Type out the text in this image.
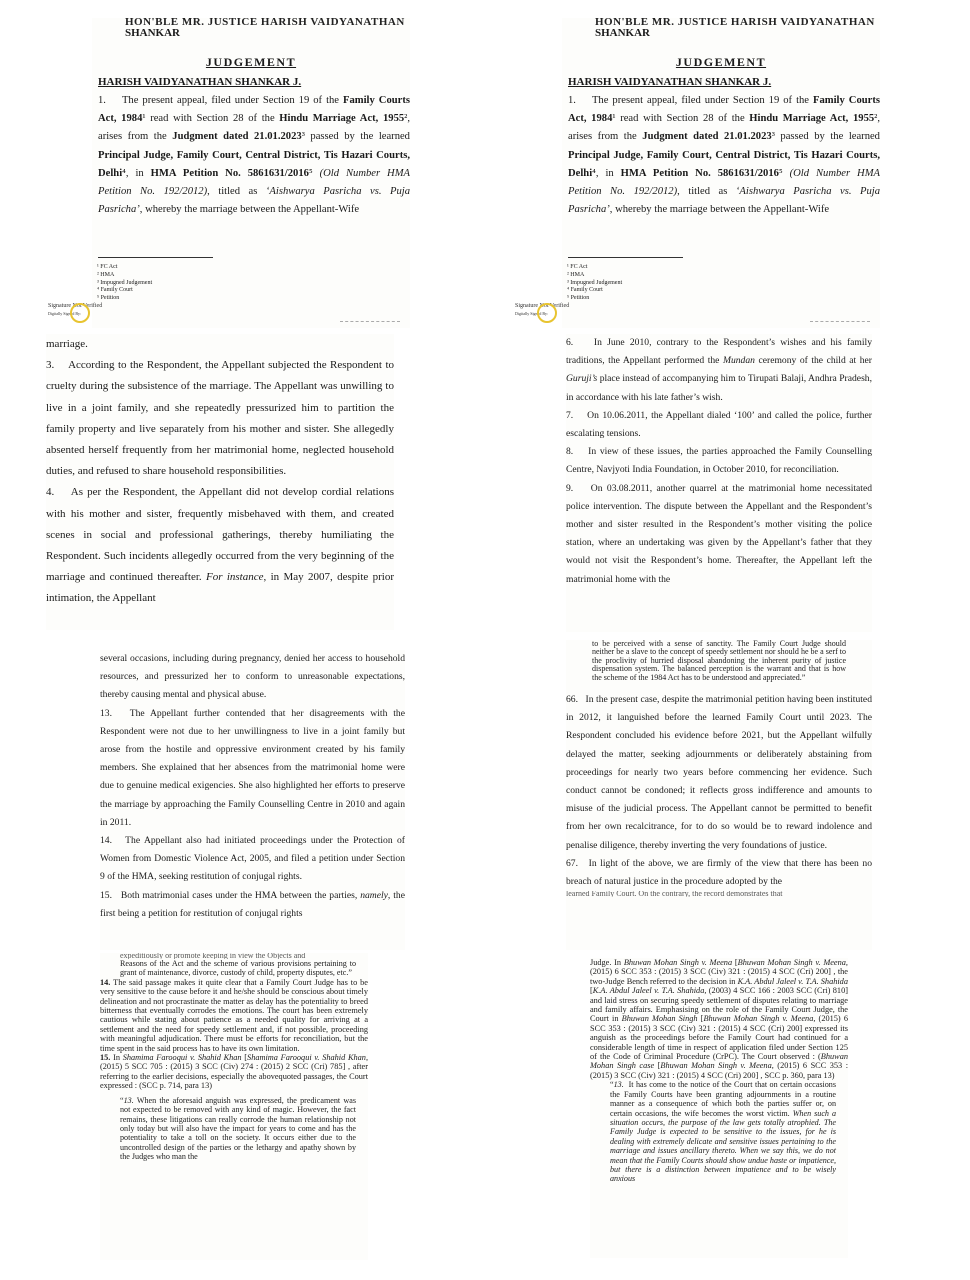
HON'BLE MR. JUSTICE HARISH VAIDYANATHAN
SHANKAR
JUDGEMENT
HARISH VAIDYANATHAN SHANKAR J.

1.    The present appeal, filed under Section 19 of the Family Courts Act, 1984¹ read with Section 28 of the Hindu Marriage Act, 1955², arises from the Judgment dated 21.01.2023³ passed by the learned Principal Judge, Family Court, Central District, Tis Hazari Courts, Delhi⁴, in HMA Petition No. 5861631/2016⁵ (Old Number HMA Petition No. 192/2012), titled as ‘Aishwarya Pasricha vs. Puja Pasricha’, whereby the marriage between the Appellant-Wife

¹ FC Act
² HMA
³ Impugned Judgement
⁴ Family Court
⁵ Petition
Signature Not Verified
Digitally Signed By:
HON'BLE MR. JUSTICE HARISH VAIDYANATHAN
SHANKAR
JUDGEMENT
HARISH VAIDYANATHAN SHANKAR J.

1.    The present appeal, filed under Section 19 of the Family Courts Act, 1984¹ read with Section 28 of the Hindu Marriage Act, 1955², arises from the Judgment dated 21.01.2023³ passed by the learned Principal Judge, Family Court, Central District, Tis Hazari Courts, Delhi⁴, in HMA Petition No. 5861631/2016⁵ (Old Number HMA Petition No. 192/2012), titled as ‘Aishwarya Pasricha vs. Puja Pasricha’, whereby the marriage between the Appellant-Wife

¹ FC Act
² HMA
³ Impugned Judgement
⁴ Family Court
⁵ Petition
Signature Not Verified
Digitally Signed By:

marriage.

3.    According to the Respondent, the Appellant subjected the Respondent to cruelty during the subsistence of the marriage. The Appellant was unwilling to live in a joint family, and she repeatedly pressurized him to partition the family property and live separately from his mother and sister. She allegedly absented herself frequently from her matrimonial home, neglected household duties, and refused to share household responsibilities.

4.    As per the Respondent, the Appellant did not develop cordial relations with his mother and sister, frequently misbehaved with them, and created scenes in social and professional gatherings, thereby humiliating the Respondent. Such incidents allegedly occurred from the very beginning of the marriage and continued thereafter. For instance, in May 2007, despite prior intimation, the Appellant

6.    In June 2010, contrary to the Respondent’s wishes and his family traditions, the Appellant performed the Mundan ceremony of the child at her Guruji’s place instead of accompanying him to Tirupati Balaji, Andhra Pradesh, in accordance with his late father’s wish.

7.    On 10.06.2011, the Appellant dialed ‘100’ and called the police, further escalating tensions.

8.    In view of these issues, the parties approached the Family Counselling Centre, Navjyoti India Foundation, in October 2010, for reconciliation.

9.    On 03.08.2011, another quarrel at the matrimonial home necessitated police intervention. The dispute between the Appellant and the Respondent’s mother and sister resulted in the Respondent’s mother visiting the police station, where an undertaking was given by the Appellant’s father that they would not visit the Respondent’s home. Thereafter, the Appellant left the matrimonial home with the

several occasions, including during pregnancy, denied her access to household resources, and pressurized her to conform to unreasonable expectations, thereby causing mental and physical abuse.

13.   The Appellant further contended that her disagreements with the Respondent were not due to her unwillingness to live in a joint family but arose from the hostile and oppressive environment created by his family members. She explained that her absences from the matrimonial home were due to genuine medical exigencies. She also highlighted her efforts to preserve the marriage by approaching the Family Counselling Centre in 2010 and again in 2011.

14.   The Appellant also had initiated proceedings under the Protection of Women from Domestic Violence Act, 2005, and filed a petition under Section 9 of the HMA, seeking restitution of conjugal rights.

15.   Both matrimonial cases under the HMA between the parties, namely, the first being a petition for restitution of conjugal rights

to be perceived with a sense of sanctity. The Family Court Judge should neither be a slave to the concept of speedy settlement nor should he be a serf to the proclivity of hurried disposal abandoning the inherent purity of justice dispensation system. The balanced perception is the warrant and that is how the scheme of the 1984 Act has to be understood and appreciated.”

66.   In the present case, despite the matrimonial petition having been instituted in 2012, it languished before the learned Family Court until 2023. The Respondent concluded his evidence before 2021, but the Appellant wilfully delayed the matter, seeking adjournments or deliberately abstaining from proceedings for nearly two years before commencing her evidence. Such conduct cannot be condoned; it reflects gross indifference and amounts to misuse of the judicial process. The Appellant cannot be permitted to benefit from her own recalcitrance, for to do so would be to reward indolence and penalise diligence, thereby inverting the very foundations of justice.

67.   In light of the above, we are firmly of the view that there has been no breach of natural justice in the procedure adopted by the

learned Family Court. On the contrary, the record demonstrates that
expeditiously or promote keeping in view the Objects and

Reasons of the Act and the scheme of various provisions pertaining to grant of maintenance, divorce, custody of child, property disputes, etc.”

14. The said passage makes it quite clear that a Family Court Judge has to be very sensitive to the cause before it and he/she should be conscious about timely delineation and not procrastinate the matter as delay has the potentiality to breed bitterness that eventually corrodes the emotions. The court has been extremely cautious while stating about patience as a needed quality for arriving at a settlement and the need for speedy settlement and, if not possible, proceeding with meaningful adjudication. There must be efforts for reconciliation, but the time spent in the said process has to have its own limitation.

15. In Shamima Farooqui v. Shahid Khan [Shamima Farooqui v. Shahid Khan, (2015) 5 SCC 705 : (2015) 3 SCC (Civ) 274 : (2015) 2 SCC (Cri) 785] , after referring to the earlier decisions, especially the abovequoted passages, the Court expressed : (SCC p. 714, para 13)

“13. When the aforesaid anguish was expressed, the predicament was not expected to be removed with any kind of magic. However, the fact remains, these litigations can really corrode the human relationship not only today but will also have the impact for years to come and has the potentiality to take a toll on the society. It occurs either due to the uncontrolled design of the parties or the lethargy and apathy shown by the Judges who man the

Judge. In Bhuwan Mohan Singh v. Meena [Bhuwan Mohan Singh v. Meena, (2015) 6 SCC 353 : (2015) 3 SCC (Civ) 321 : (2015) 4 SCC (Cri) 200] , the two-Judge Bench referred to the decision in K.A. Abdul Jaleel v. T.A. Shahida [K.A. Abdul Jaleel v. T.A. Shahida, (2003) 4 SCC 166 : 2003 SCC (Cri) 810] and laid stress on securing speedy settlement of disputes relating to marriage and family affairs. Emphasising on the role of the Family Court Judge, the Court in Bhuwan Mohan Singh [Bhuwan Mohan Singh v. Meena, (2015) 6 SCC 353 : (2015) 3 SCC (Civ) 321 : (2015) 4 SCC (Cri) 200] expressed its anguish as the proceedings before the Family Court had continued for a considerable length of time in respect of application filed under Section 125 of the Code of Criminal Procedure (CrPC). The Court observed : (Bhuwan Mohan Singh case [Bhuwan Mohan Singh v. Meena, (2015) 6 SCC 353 : (2015) 3 SCC (Civ) 321 : (2015) 4 SCC (Cri) 200] , SCC p. 360, para 13)

“13.  It has come to the notice of the Court that on certain occasions the Family Courts have been granting adjournments in a routine manner as a consequence of which both the parties suffer or, on certain occasions, the wife becomes the worst victim. When such a situation occurs, the purpose of the law gets totally atrophied. The Family Judge is expected to be sensitive to the issues, for he is dealing with extremely delicate and sensitive issues pertaining to the marriage and issues ancillary thereto. When we say this, we do not mean that the Family Courts should show undue haste or impatience, but there is a distinction between impatience and to be wisely anxious
